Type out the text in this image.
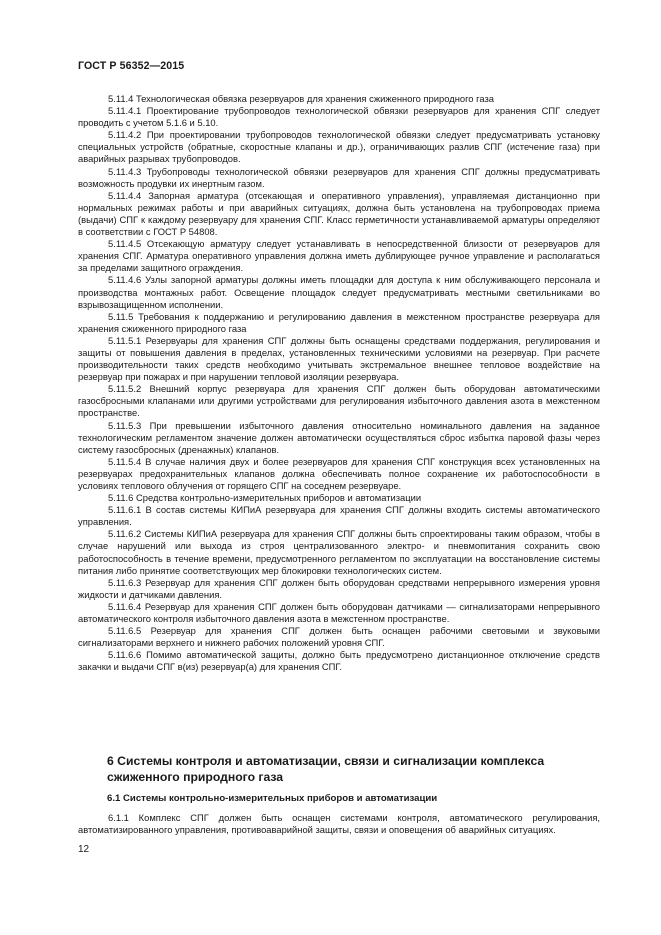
ГОСТ Р 56352—2015

5.11.4 Технологическая обвязка резервуаров для хранения сжиженного природного газа

5.11.4.1 Проектирование трубопроводов технологической обвязки резервуаров для хранения СПГ следует проводить с учетом 5.1.6 и 5.10.

5.11.4.2 При проектировании трубопроводов технологической обвязки следует предусматривать установку специальных устройств (обратные, скоростные клапаны и др.), ограничивающих разлив СПГ (истечение газа) при аварийных разрывах трубопроводов.

5.11.4.3 Трубопроводы технологической обвязки резервуаров для хранения СПГ должны предусматривать возможность продувки их инертным газом.

5.11.4.4 Запорная арматура (отсекающая и оперативного управления), управляемая дистанционно при нормальных режимах работы и при аварийных ситуациях, должна быть установлена на трубопроводах приема (выдачи) СПГ к каждому резервуару для хранения СПГ. Класс герметичности устанавливаемой арматуры определяют в соответствии с ГОСТ Р 54808.

5.11.4.5 Отсекающую арматуру следует устанавливать в непосредственной близости от резервуаров для хранения СПГ. Арматура оперативного управления должна иметь дублирующее ручное управление и располагаться за пределами защитного ограждения.

5.11.4.6 Узлы запорной арматуры должны иметь площадки для доступа к ним обслуживающего персонала и производства монтажных работ. Освещение площадок следует предусматривать местными светильниками во взрывозащищенном исполнении.

5.11.5 Требования к поддержанию и регулированию давления в межстенном пространстве резервуара для хранения сжиженного природного газа

5.11.5.1 Резервуары для хранения СПГ должны быть оснащены средствами поддержания, регулирования и защиты от повышения давления в пределах, установленных техническими условиями на резервуар. При расчете производительности таких средств необходимо учитывать экстремальное внешнее тепловое воздействие на резервуар при пожарах и при нарушении тепловой изоляции резервуара.

5.11.5.2 Внешний корпус резервуара для хранения СПГ должен быть оборудован автоматическими газосбросными клапанами или другими устройствами для регулирования избыточного давления азота в межстенном пространстве.

5.11.5.3 При превышении избыточного давления относительно номинального давления на заданное технологическим регламентом значение должен автоматически осуществляться сброс избытка паровой фазы через систему газосбросных (дренажных) клапанов.

5.11.5.4 В случае наличия двух и более резервуаров для хранения СПГ конструкция всех установленных на резервуарах предохранительных клапанов должна обеспечивать полное сохранение их работоспособности в условиях теплового облучения от горящего СПГ на соседнем резервуаре.

5.11.6 Средства контрольно-измерительных приборов и автоматизации

5.11.6.1 В состав системы КИПиА резервуара для хранения СПГ должны входить системы автоматического управления.

5.11.6.2 Системы КИПиА резервуара для хранения СПГ должны быть спроектированы таким образом, чтобы в случае нарушений или выхода из строя централизованного электро- и пневмопитания сохранить свою работоспособность в течение времени, предусмотренного регламентом по эксплуатации на восстановление системы питания либо принятие соответствующих мер блокировки технологических систем.

5.11.6.3 Резервуар для хранения СПГ должен быть оборудован средствами непрерывного измерения уровня жидкости и датчиками давления.

5.11.6.4 Резервуар для хранения СПГ должен быть оборудован датчиками — сигнализаторами непрерывного автоматического контроля избыточного давления азота в межстенном пространстве.

5.11.6.5 Резервуар для хранения СПГ должен быть оснащен рабочими световыми и звуковыми сигнализаторами верхнего и нижнего рабочих положений уровня СПГ.

5.11.6.6 Помимо автоматической защиты, должно быть предусмотрено дистанционное отключение средств закачки и выдачи СПГ в(из) резервуар(а) для хранения СПГ.

6 Системы контроля и автоматизации, связи и сигнализации комплекса сжиженного природного газа
6.1 Системы контрольно-измерительных приборов и автоматизации

6.1.1 Комплекс СПГ должен быть оснащен системами контроля, автоматического регулирования, автоматизированного управления, противоаварийной защиты, связи и оповещения об аварийных ситуациях.

12
